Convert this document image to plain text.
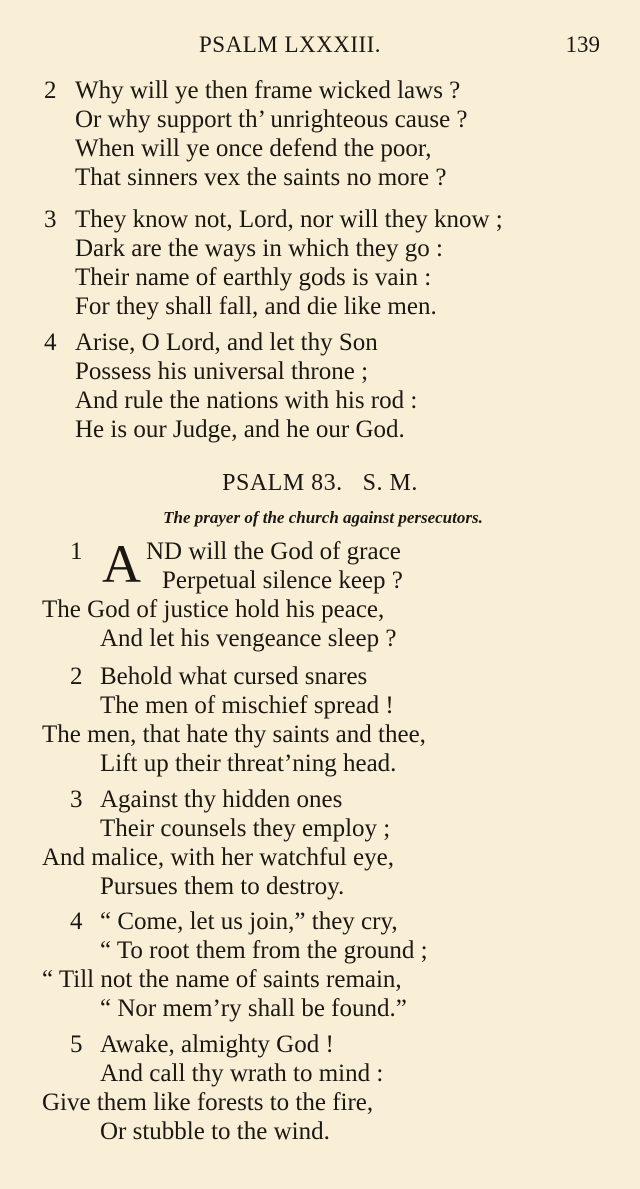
PSALM LXXXIII.	139
2 Why will ye then frame wicked laws ?
Or why support th’ unrighteous cause ?
When will ye once defend the poor,
That sinners vex the saints no more ?
3 They know not, Lord, nor will they know ;
Dark are the ways in which they go :
Their name of earthly gods is vain :
For they shall fall, and die like men.
4 Arise, O Lord, and let thy Son
Possess his universal throne ;
And rule the nations with his rod :
He is our Judge, and he our God.
PSALM 83. S. M.
The prayer of the church against persecutors.
1	ND will the God of grace
Perpetual silence keep ?
The God of justice hold his peace,
And let his vengeance sleep ?
A
2 Behold what cursed snares
The men of mischief spread !
The men, that hate thy saints and thee,
Lift up their threat’ning head.
3 Against thy hidden ones
Their counsels they employ ;
And malice, with her watchful eye,
Pursues them to destroy.
4 “ Come, let us join,” they cry,
“ To root them from the ground ;
“ Till not the name of saints remain,
“ Nor mem’ry shall be found.”
5 Awake, almighty God !
And call thy wrath to mind :
Give them like forests to the fire,
Or stubble to the wind.
